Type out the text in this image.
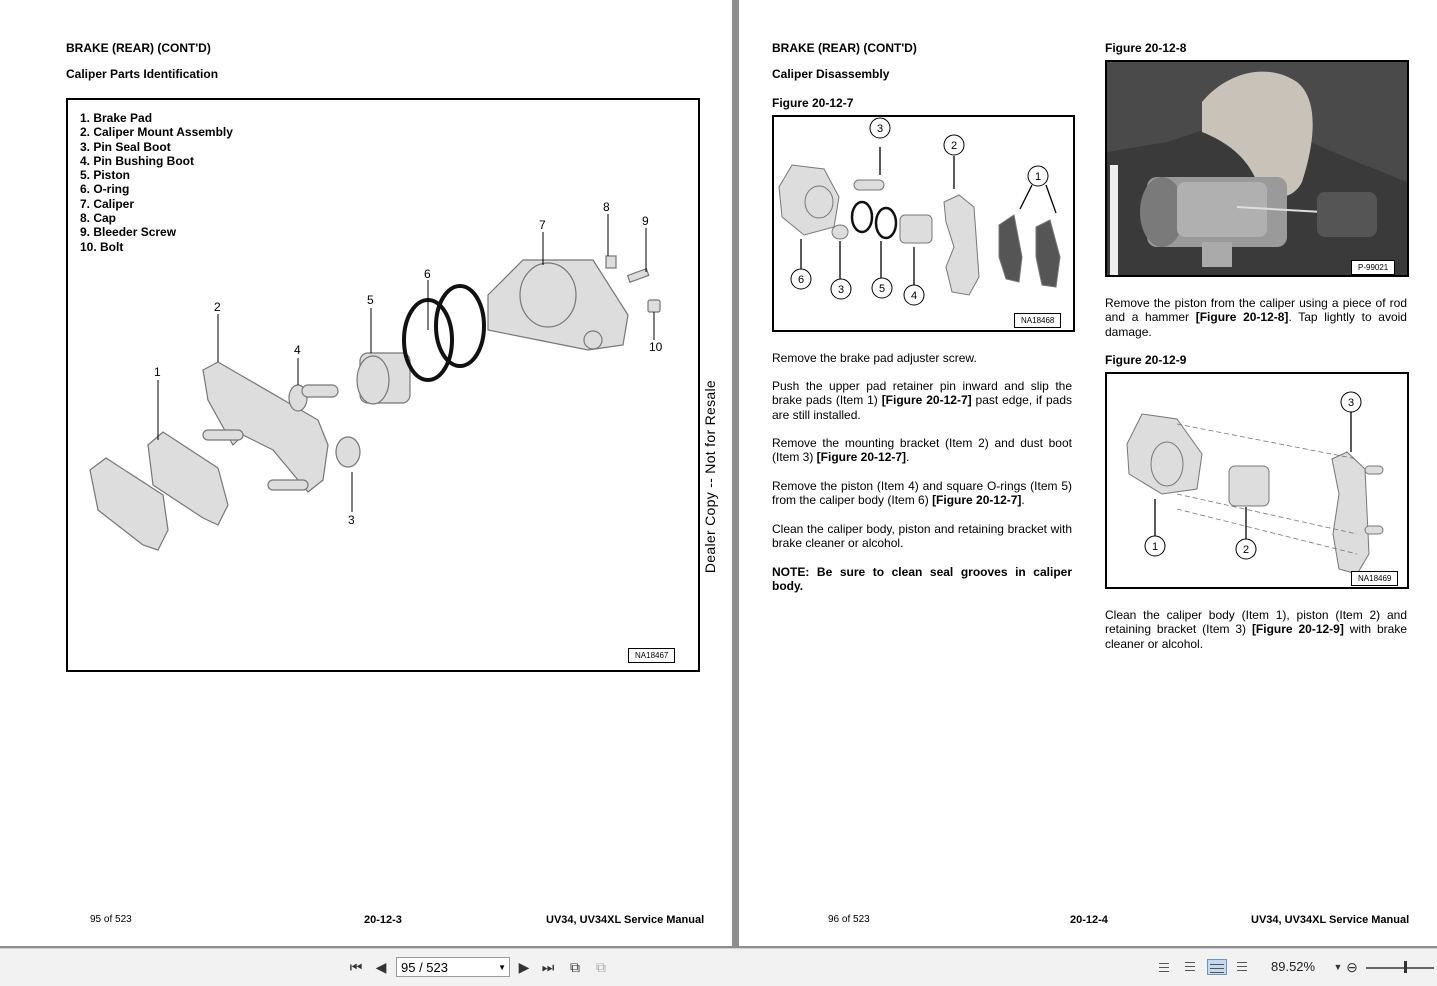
BRAKE (REAR) (CONT'D)
Caliper Parts Identification
1. Brake Pad
2. Caliper Mount Assembly
3. Pin Seal Boot
4. Pin Bushing Boot
5. Piston
6. O-ring
7. Caliper
8. Cap
9. Bleeder Screw
10. Bolt
1
2
3
4
5
6
7
8
9
10
NA18467
Dealer Copy -- Not for Resale
95 of 523	20-12-3	UV34, UV34XL Service Manual
BRAKE (REAR) (CONT'D)
Caliper Disassembly
Figure 20-12-7
3
2
1
6
3	5
4
NA18468
Remove the brake pad adjuster screw.
Push the upper pad retainer pin inward and slip the brake pads (Item 1) [Figure 20-12-7] past edge, if pads are still installed.
Remove the mounting bracket (Item 2) and dust boot (Item 3) [Figure 20-12-7].
Remove the piston (Item 4) and square O-rings (Item 5) from the caliper body (Item 6) [Figure 20-12-7].
Clean the caliper body, piston and retaining bracket with brake cleaner or alcohol.
NOTE: Be sure to clean seal grooves in caliper body.
Figure 20-12-8
P-99021
Remove the piston from the caliper using a piece of rod and a hammer [Figure 20-12-8]. Tap lightly to avoid damage.
Figure 20-12-9
3
1	2
NA18469
Clean the caliper body (Item 1), piston (Item 2) and retaining bracket (Item 3) [Figure 20-12-9] with brake cleaner or alcohol.
96 of 523	20-12-4	UV34, UV34XL Service Manual
⏮ ◀	95 / 523	▼ ▶ ⏭	⧉	⧉	89.52%	▼ ⊖
